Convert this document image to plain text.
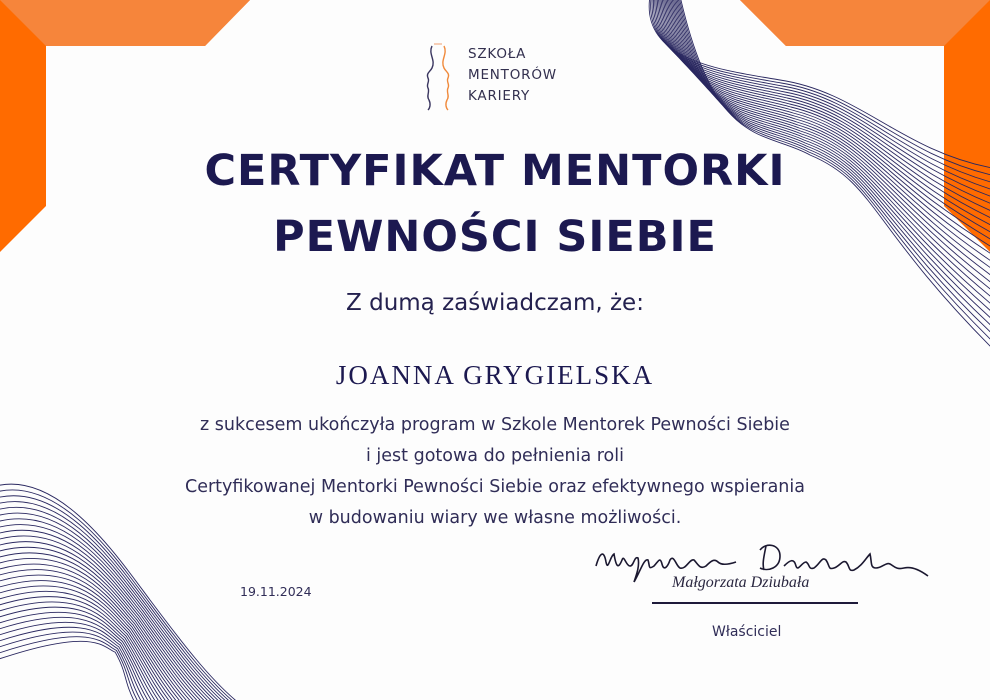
SZKOŁA
MENTORÓW
KARIERY
CERTYFIKAT MENTORKI
PEWNOŚCI SIEBIE
Z dumą zaświadczam, że:
JOANNA GRYGIELSKA
z sukcesem ukończyła program w Szkole Mentorek Pewności Siebie
i jest gotowa do pełnienia roli
Certyfikowanej Mentorki Pewności Siebie oraz efektywnego wspierania
w budowaniu wiary we własne możliwości.
19.11.2024
Małgorzata Dziubała
Właściciel
